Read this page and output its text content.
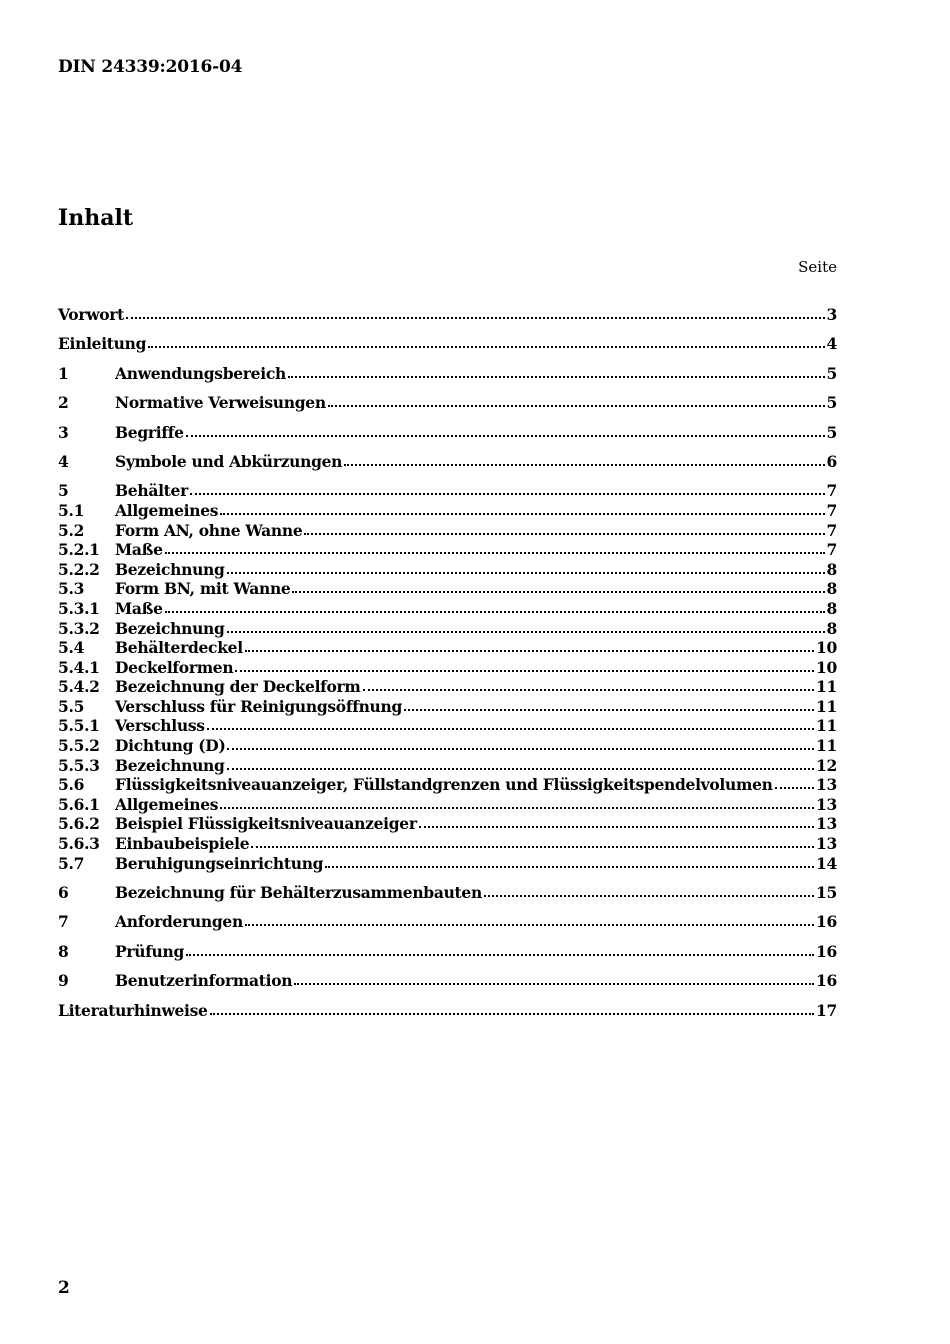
DIN 24339:2016-04
Inhalt
Seite
Vorwort	3
Einleitung	4
1	Anwendungsbereich	5
2	Normative Verweisungen	5
3	Begriffe	5
4	Symbole und Abkürzungen	6
5	Behälter	7
5.1	Allgemeines	7
5.2	Form AN, ohne Wanne	7
5.2.1 Maße	7
5.2.2 Bezeichnung	8
5.3	Form BN, mit Wanne	8
5.3.1 Maße	8
5.3.2 Bezeichnung	8
5.4	Behälterdeckel	10
5.4.1 Deckelformen	10
5.4.2 Bezeichnung der Deckelform	11
5.5	Verschluss für Reinigungsöffnung	11
5.5.1 Verschluss	11
5.5.2 Dichtung (D)	11
5.5.3 Bezeichnung	12
5.6	Flüssigkeitsniveauanzeiger, Füllstandgrenzen und Flüssigkeitspendelvolumen	13
5.6.1 Allgemeines	13
5.6.2 Beispiel Flüssigkeitsniveauanzeiger	13
5.6.3 Einbaubeispiele	13
5.7	Beruhigungseinrichtung	14
6	Bezeichnung für Behälterzusammenbauten	15
7	Anforderungen	16
8	Prüfung	16
9	Benutzerinformation	16
Literaturhinweise	17
2
